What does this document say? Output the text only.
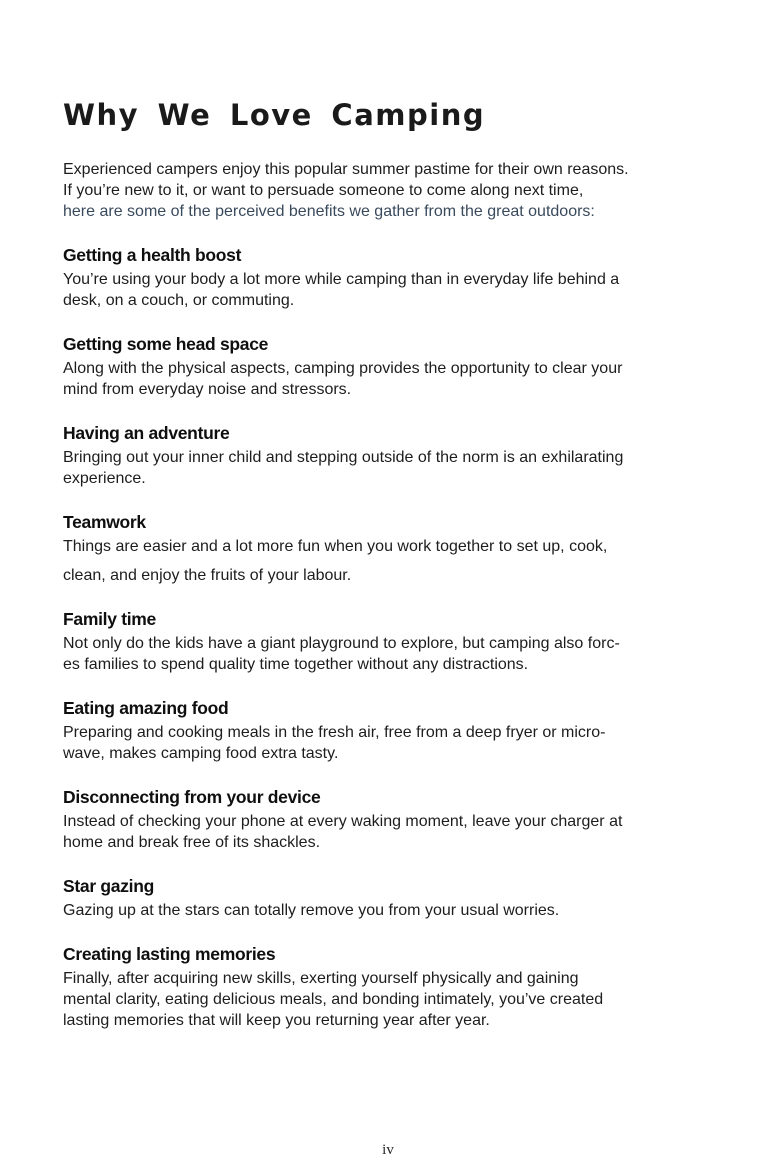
Why We Love Camping
Experienced campers enjoy this popular summer pastime for their own reasons.
If you’re new to it, or want to persuade someone to come along next time,
here are some of the perceived benefits we gather from the great outdoors:
Getting a health boost
You’re using your body a lot more while camping than in everyday life behind a
desk, on a couch, or commuting.
Getting some head space
Along with the physical aspects, camping provides the opportunity to clear your
mind from everyday noise and stressors.
Having an adventure
Bringing out your inner child and stepping outside of the norm is an exhilarating
experience.
Teamwork
Things are easier and a lot more fun when you work together to set up, cook,
clean, and enjoy the fruits of your labour.
Family time
Not only do the kids have a giant playground to explore, but camping also forc-
es families to spend quality time together without any distractions.
Eating amazing food
Preparing and cooking meals in the fresh air, free from a deep fryer or micro-
wave, makes camping food extra tasty.
Disconnecting from your device
Instead of checking your phone at every waking moment, leave your charger at
home and break free of its shackles.
Star gazing
Gazing up at the stars can totally remove you from your usual worries.
Creating lasting memories
Finally, after acquiring new skills, exerting yourself physically and gaining
mental clarity, eating delicious meals, and bonding intimately, you’ve created
lasting memories that will keep you returning year after year.
iv
